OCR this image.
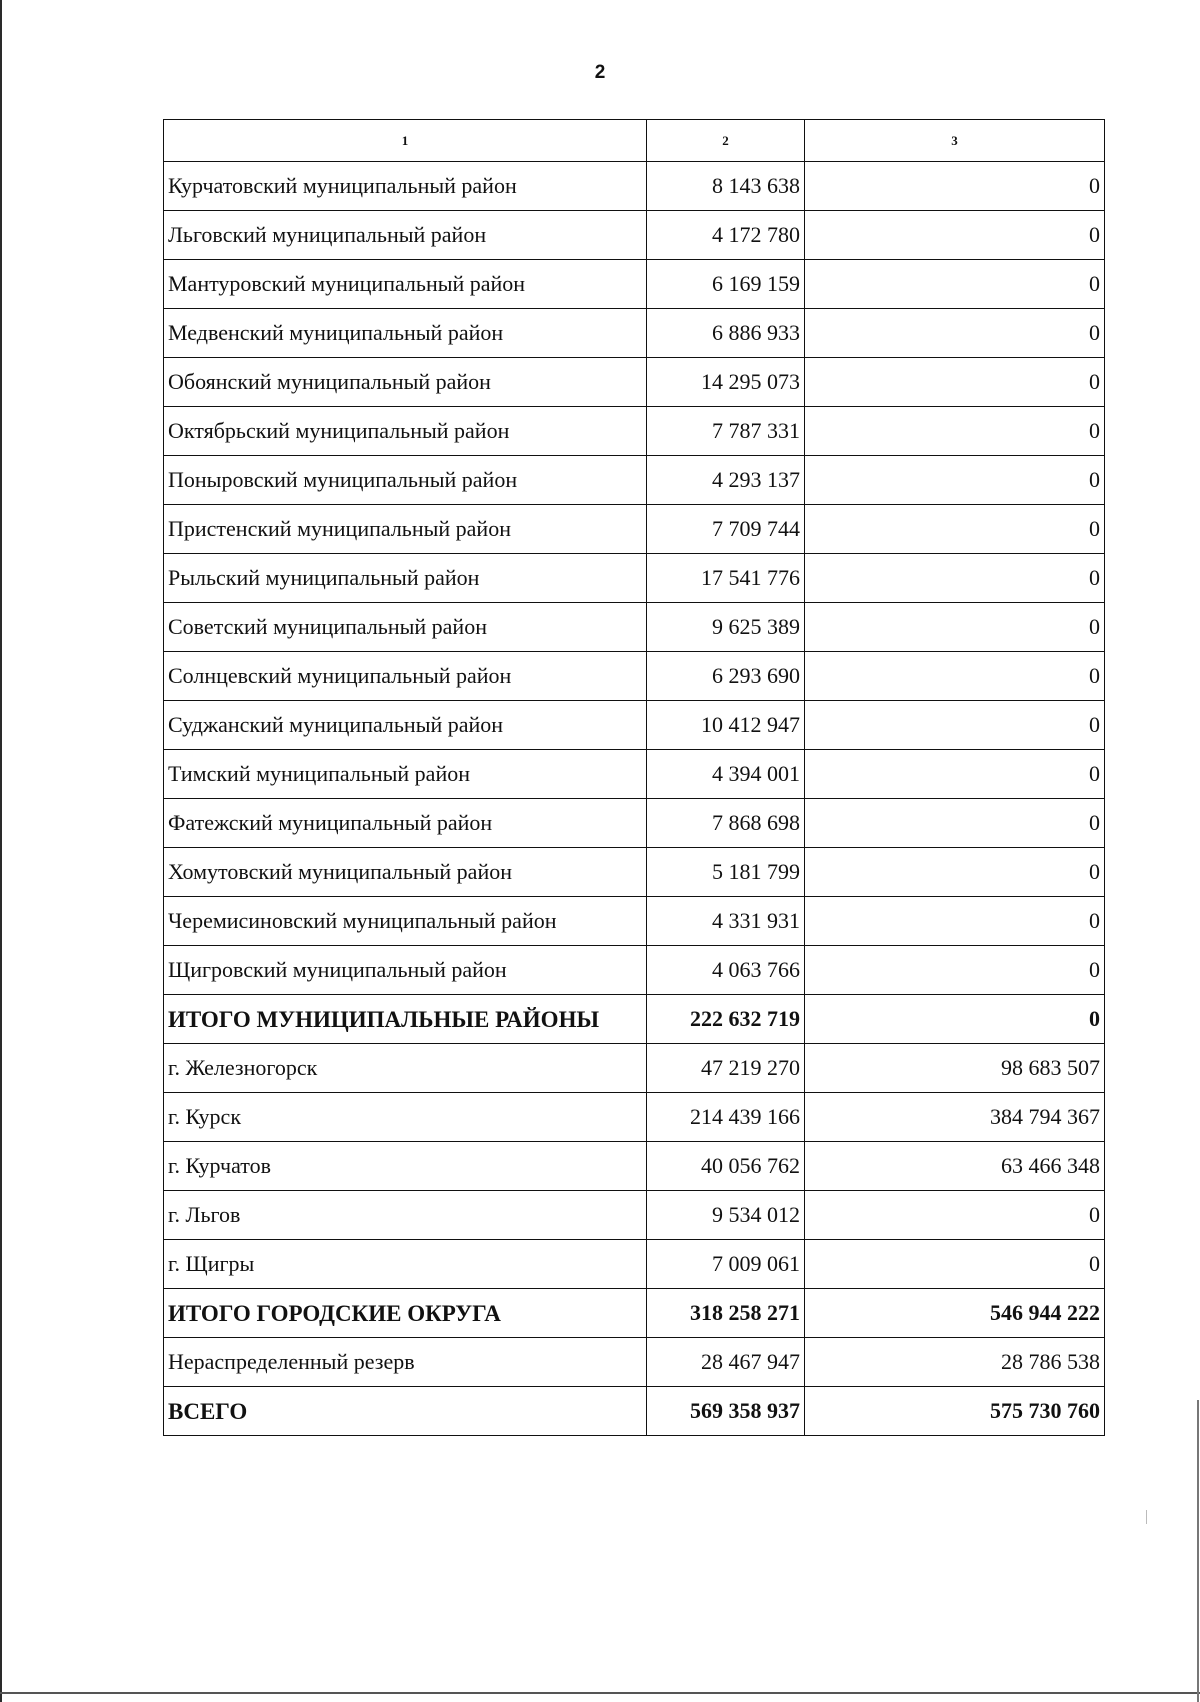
2
1	2	3
Курчатовский муниципальный район	8 143 638	0
Льговский муниципальный район	4 172 780	0
Мантуровский муниципальный район	6 169 159	0
Медвенский муниципальный район	6 886 933	0
Обоянский муниципальный район	14 295 073	0
Октябрьский муниципальный район	7 787 331	0
Поныровский муниципальный район	4 293 137	0
Пристенский муниципальный район	7 709 744	0
Рыльский муниципальный район	17 541 776	0
Советский муниципальный район	9 625 389	0
Солнцевский муниципальный район	6 293 690	0
Суджанский муниципальный район	10 412 947	0
Тимский муниципальный район	4 394 001	0
Фатежский муниципальный район	7 868 698	0
Хомутовский муниципальный район	5 181 799	0
Черемисиновский муниципальный район	4 331 931	0
Щигровский муниципальный район	4 063 766	0
ИТОГО МУНИЦИПАЛЬНЫЕ РАЙОНЫ	222 632 719	0
г. Железногорск	47 219 270	98 683 507
г. Курск	214 439 166	384 794 367
г. Курчатов	40 056 762	63 466 348
г. Льгов	9 534 012	0
г. Щигры	7 009 061	0
ИТОГО ГОРОДСКИЕ ОКРУГА	318 258 271	546 944 222
Нераспределенный резерв	28 467 947	28 786 538
ВСЕГО	569 358 937	575 730 760
